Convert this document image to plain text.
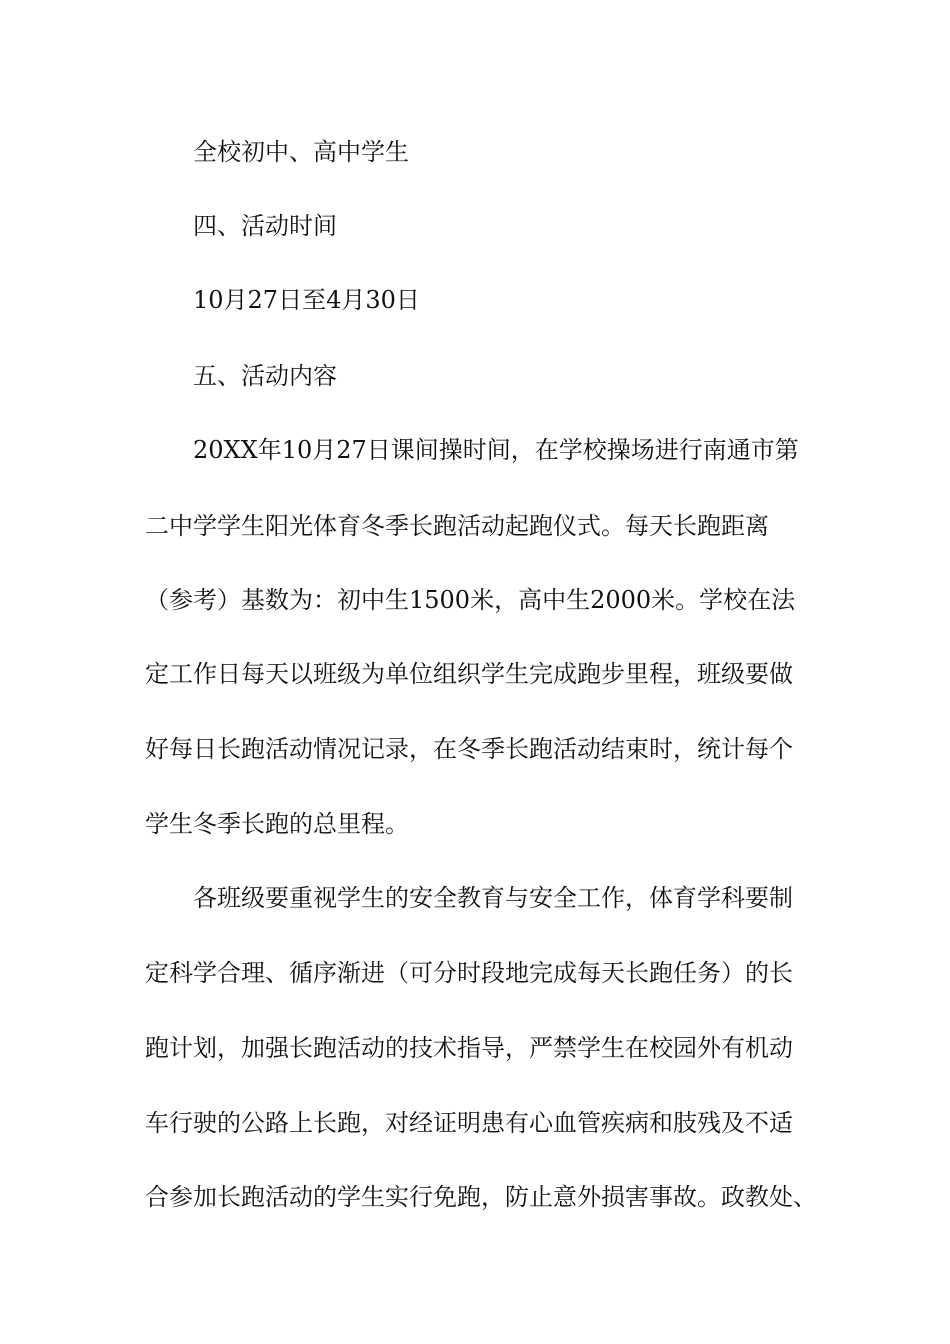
全校初中、高中学生
四、活动时间
10月27日至4月30日
五、活动内容
20XX年10月27日课间操时间，在学校操场进行南通市第
二中学学生阳光体育冬季长跑活动起跑仪式。每天长跑距离
（参考）基数为：初中生1500米，高中生2000米。学校在法
定工作日每天以班级为单位组织学生完成跑步里程，班级要做
好每日长跑活动情况记录，在冬季长跑活动结束时，统计每个
学生冬季长跑的总里程。
各班级要重视学生的安全教育与安全工作，体育学科要制
定科学合理、循序渐进（可分时段地完成每天长跑任务）的长
跑计划，加强长跑活动的技术指导，严禁学生在校园外有机动
车行驶的公路上长跑，对经证明患有心血管疾病和肢残及不适
合参加长跑活动的学生实行免跑，防止意外损害事故。政教处、
